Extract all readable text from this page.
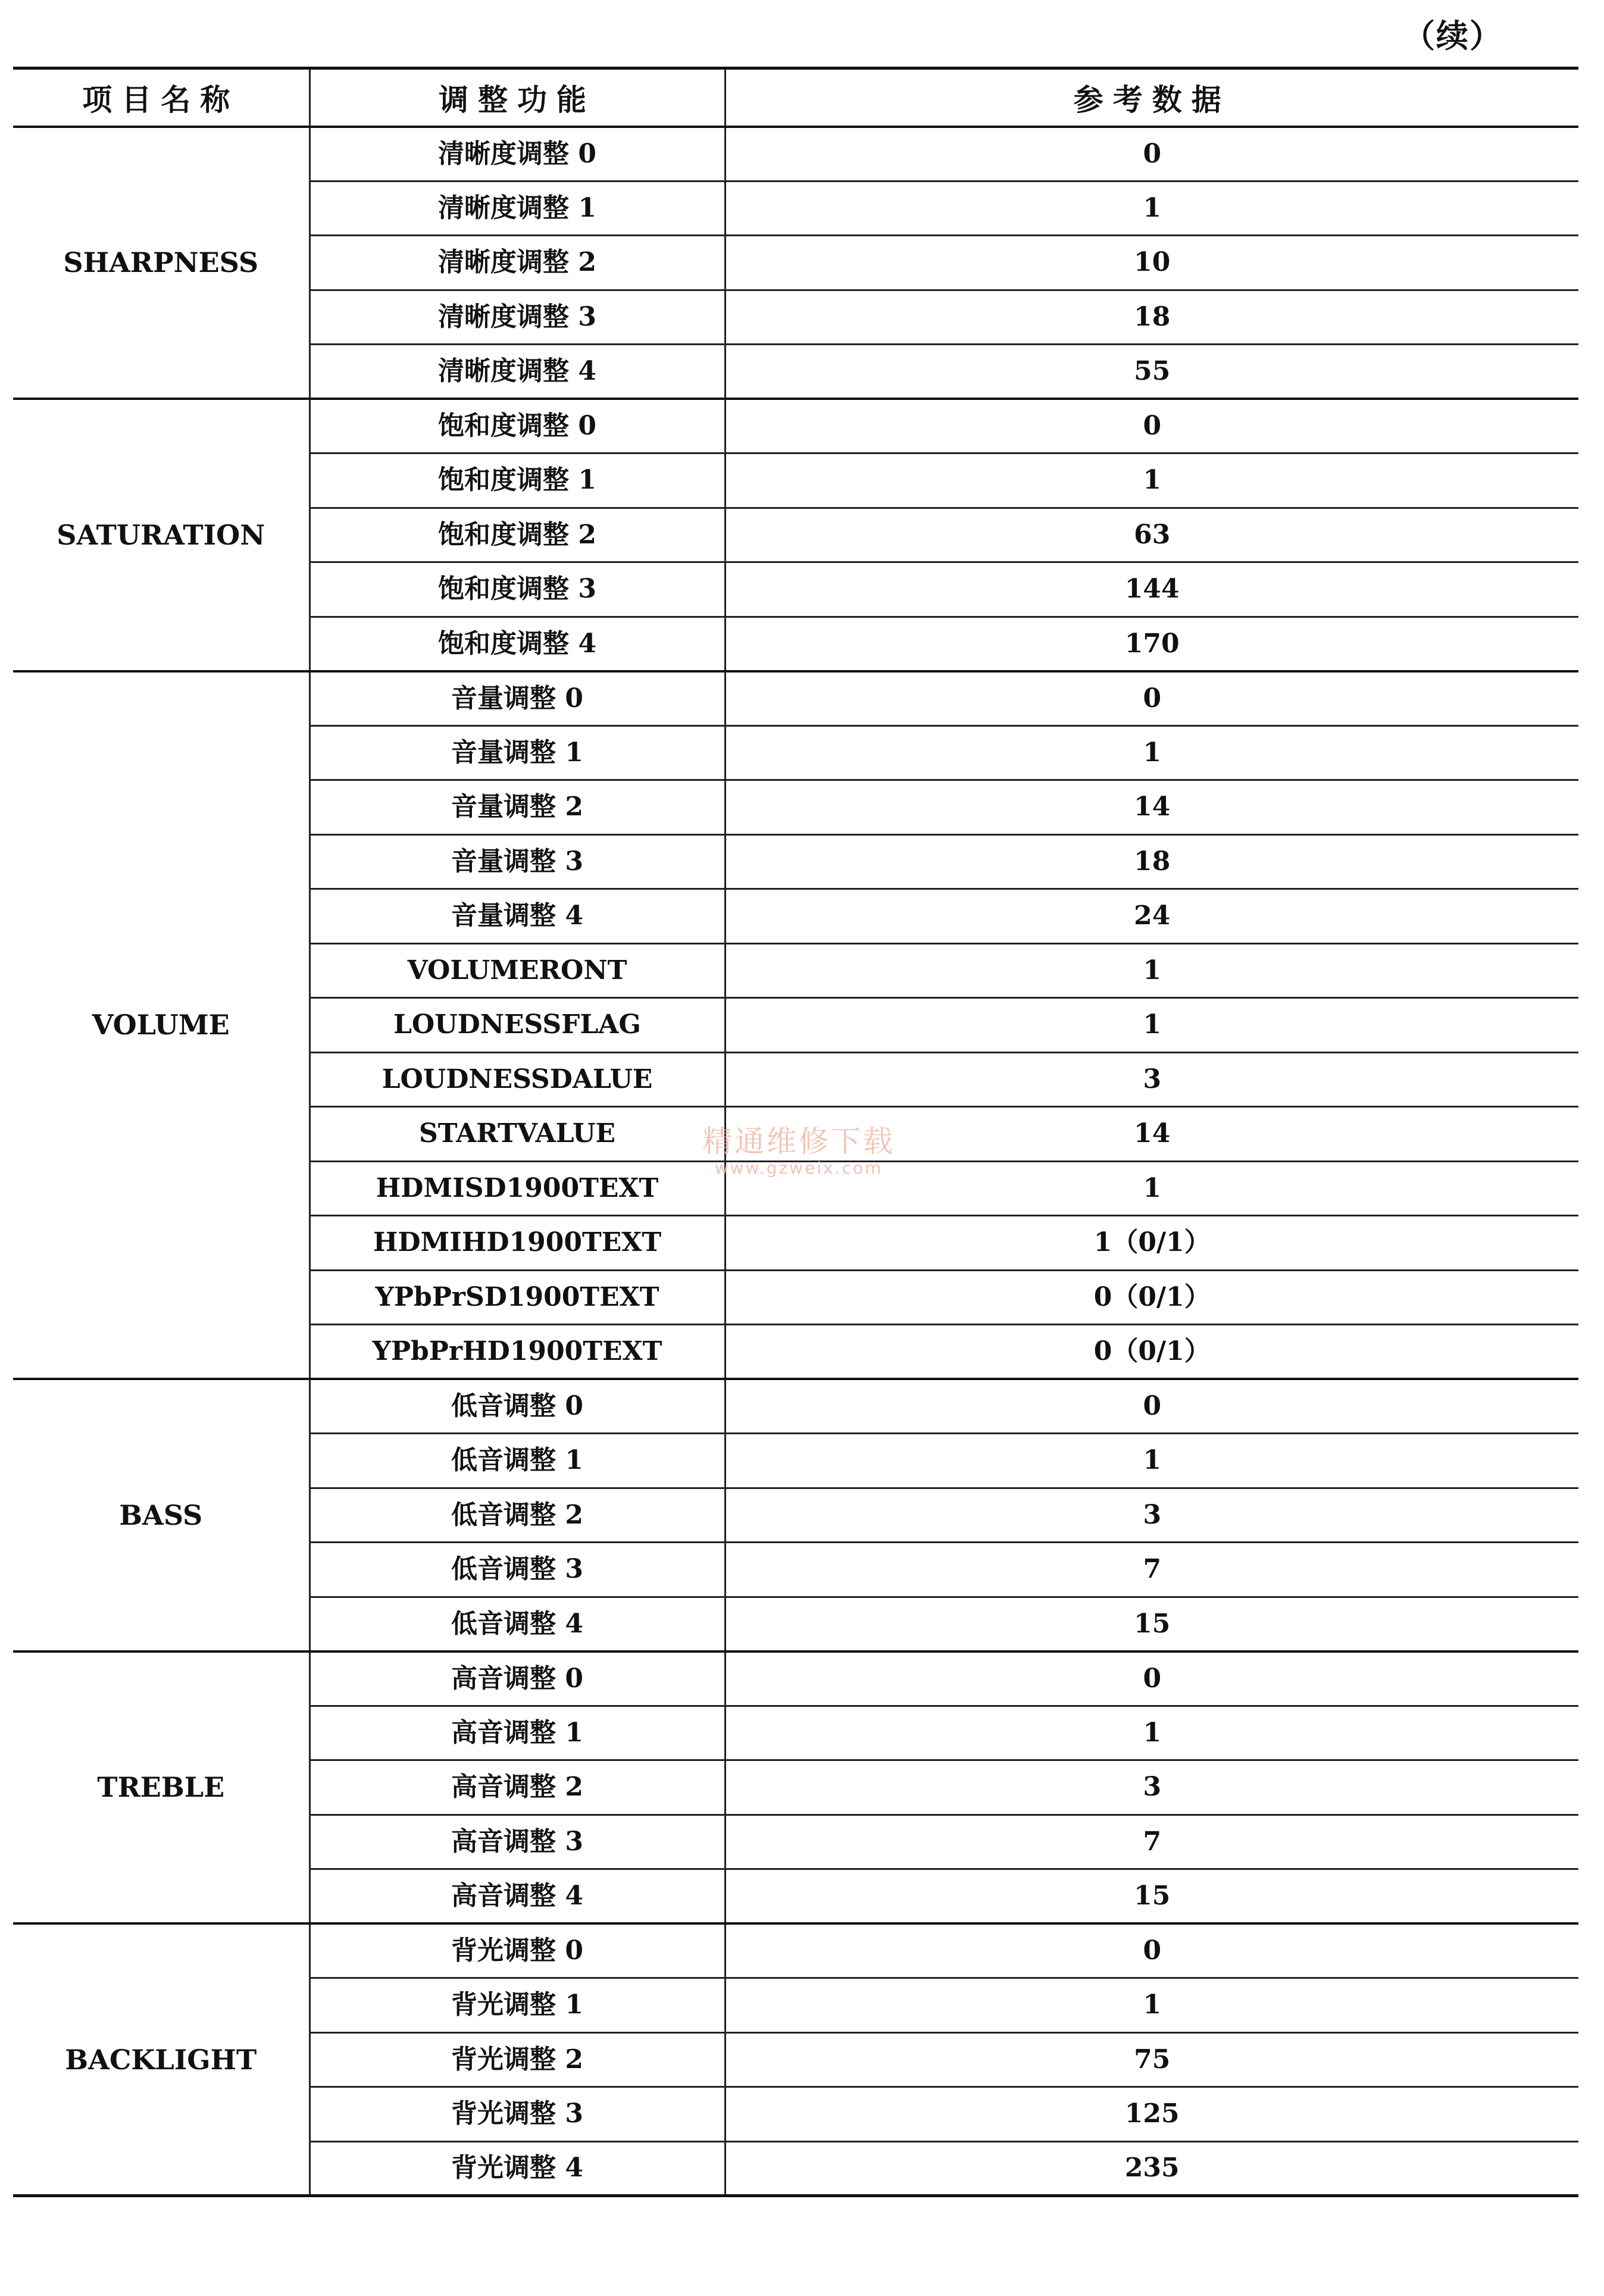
（续）
项目名称	调整功能	参考数据
SHARPNESS	清晰度调整 0	0
	清晰度调整 1	1
	清晰度调整 2	10
	清晰度调整 3	18
	清晰度调整 4	55
SATURATION	饱和度调整 0	0
	饱和度调整 1	1
	饱和度调整 2	63
	饱和度调整 3	144
	饱和度调整 4	170
VOLUME	音量调整 0	0
	音量调整 1	1
	音量调整 2	14
	音量调整 3	18
	音量调整 4	24
	VOLUMERONT	1
	LOUDNESSFLAG	1
	LOUDNESSDALUE	3
	STARTVALUE	14
	HDMISD1900TEXT	1
	HDMIHD1900TEXT	1（0/1）
	YPbPrSD1900TEXT	0（0/1）
	YPbPrHD1900TEXT	0（0/1）
BASS	低音调整 0	0
	低音调整 1	1
	低音调整 2	3
	低音调整 3	7
	低音调整 4	15
TREBLE	高音调整 0	0
	高音调整 1	1
	高音调整 2	3
	高音调整 3	7
	高音调整 4	15
BACKLIGHT	背光调整 0	0
	背光调整 1	1
	背光调整 2	75
	背光调整 3	125
	背光调整 4	235
精通维修下载
www.gzweix.com
